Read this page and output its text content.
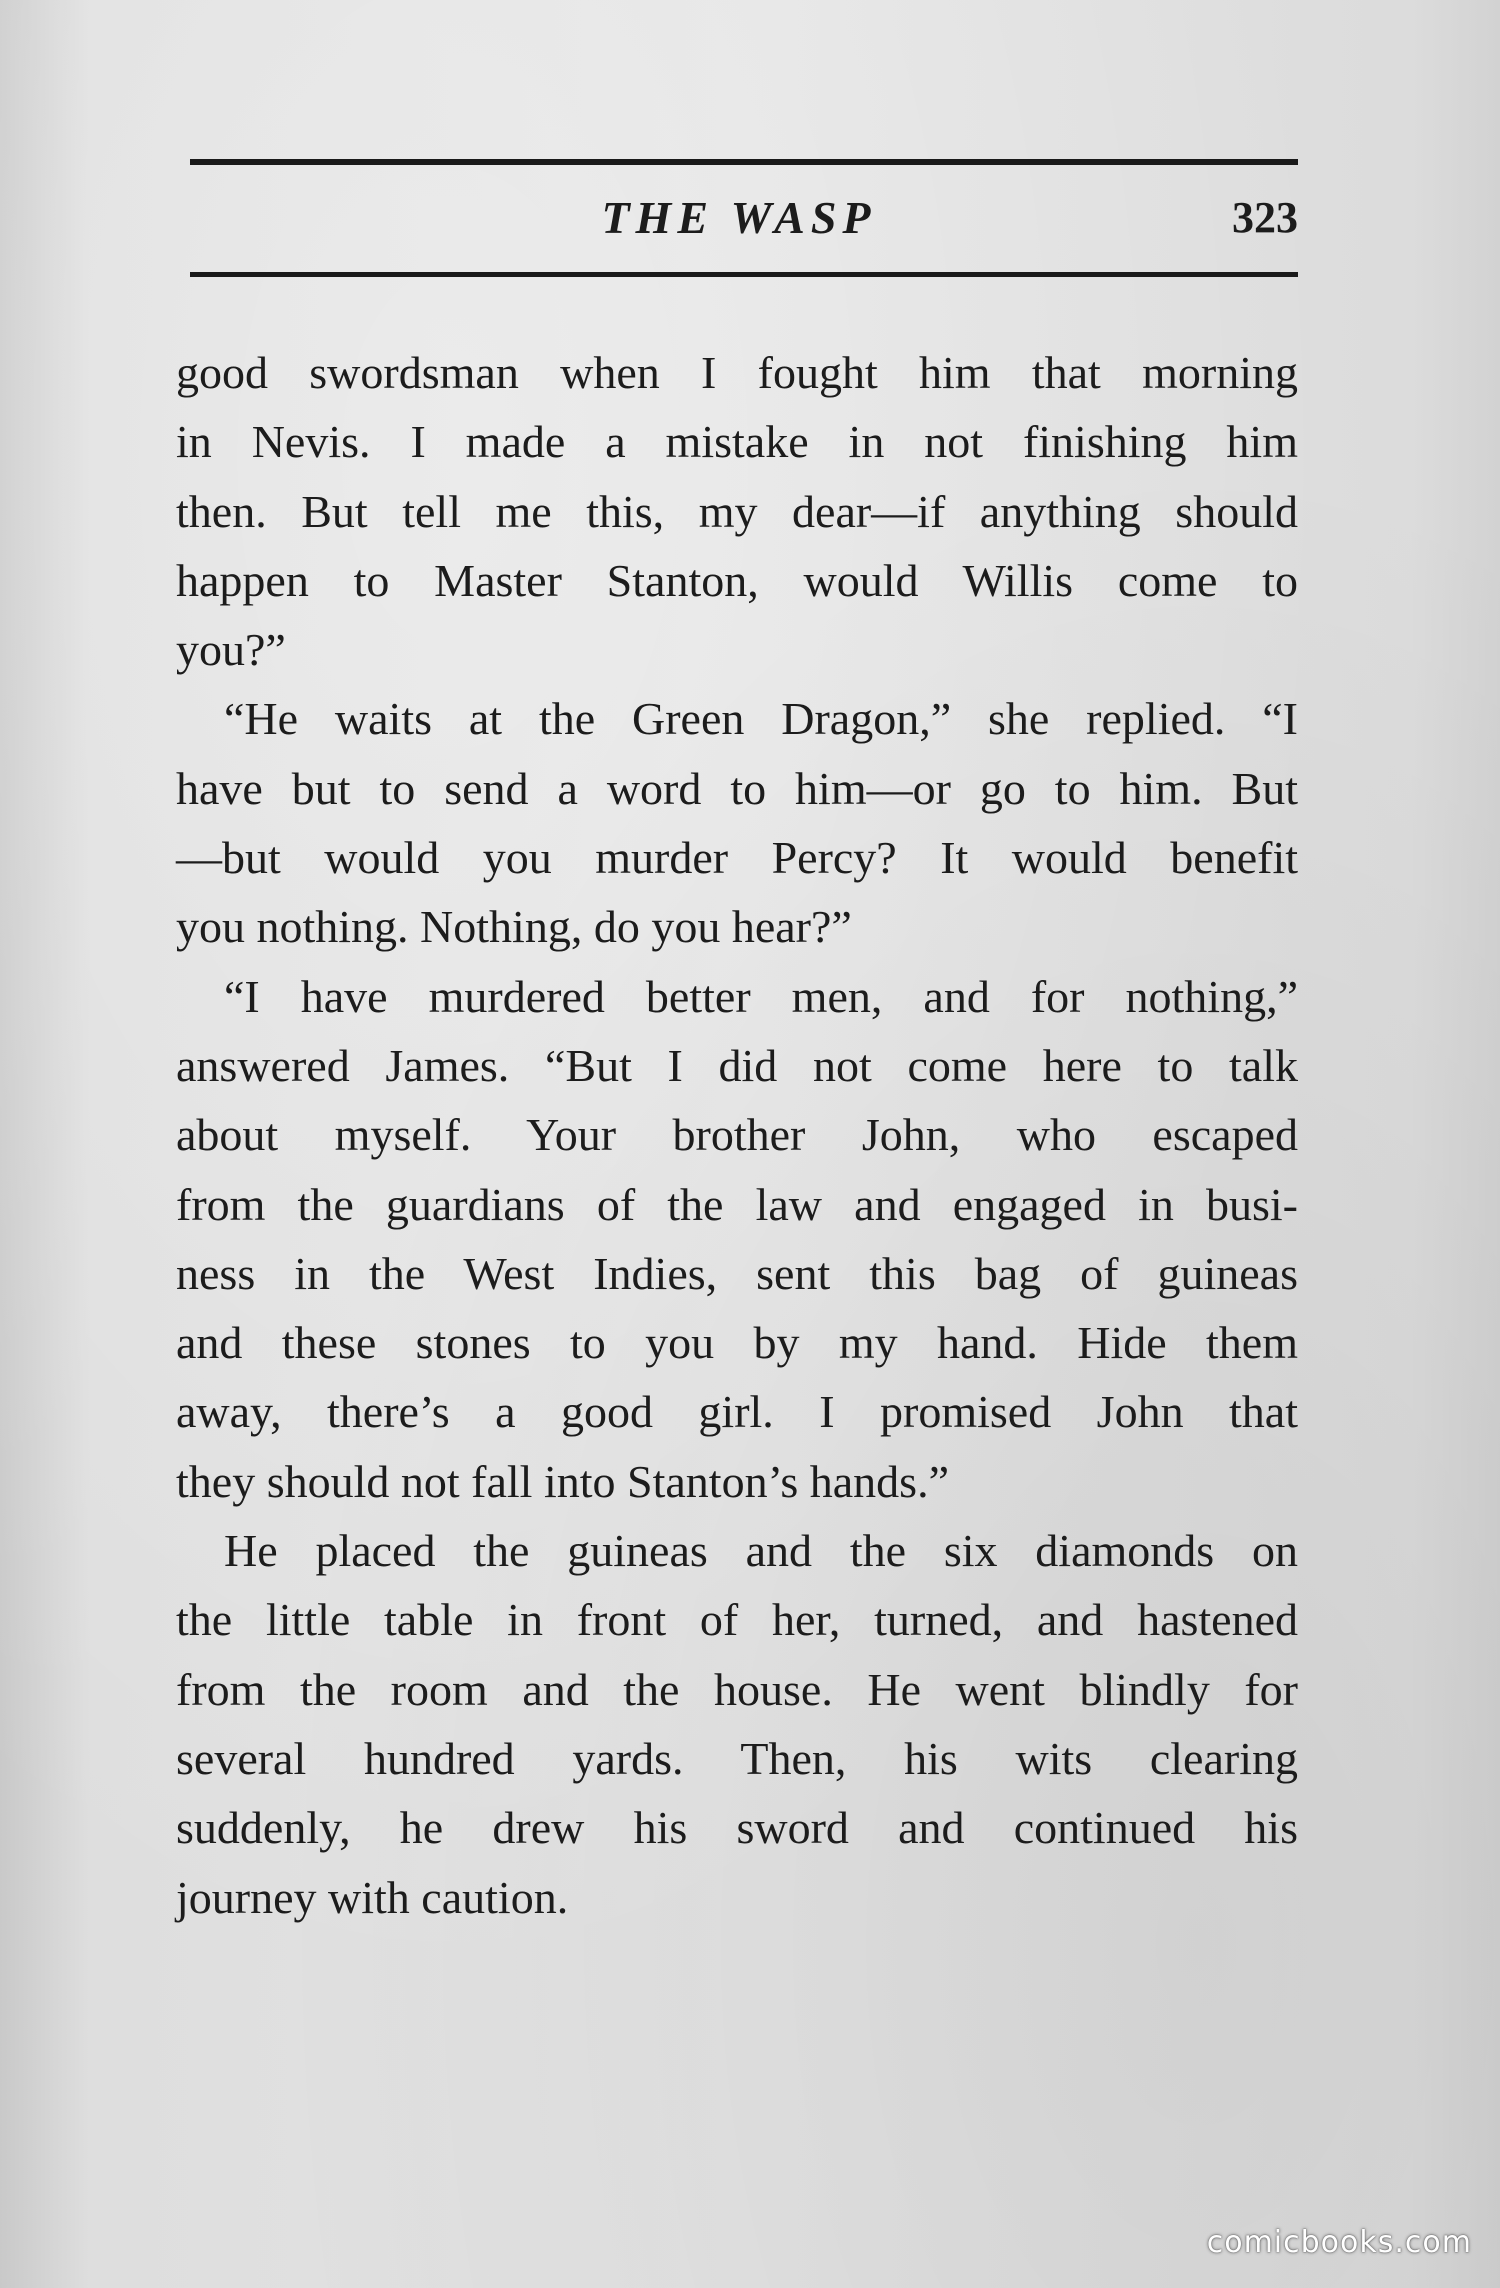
THE WASP	323
good swordsman when I fought him that morning
in Nevis. I made a mistake in not finishing him
then. But tell me this, my dear—if anything should
happen to Master Stanton, would Willis come to
you?”
“He waits at the Green Dragon,” she replied. “I
have but to send a word to him—or go to him. But
—but would you murder Percy? It would benefit
you nothing. Nothing, do you hear?”
“I have murdered better men, and for nothing,”
answered James. “But I did not come here to talk
about myself. Your brother John, who escaped
from the guardians of the law and engaged in busi-
ness in the West Indies, sent this bag of guineas
and these stones to you by my hand. Hide them
away, there’s a good girl. I promised John that
they should not fall into Stanton’s hands.”
He placed the guineas and the six diamonds on
the little table in front of her, turned, and hastened
from the room and the house. He went blindly for
several hundred yards. Then, his wits clearing
suddenly, he drew his sword and continued his
journey with caution.
comicbooks.com
